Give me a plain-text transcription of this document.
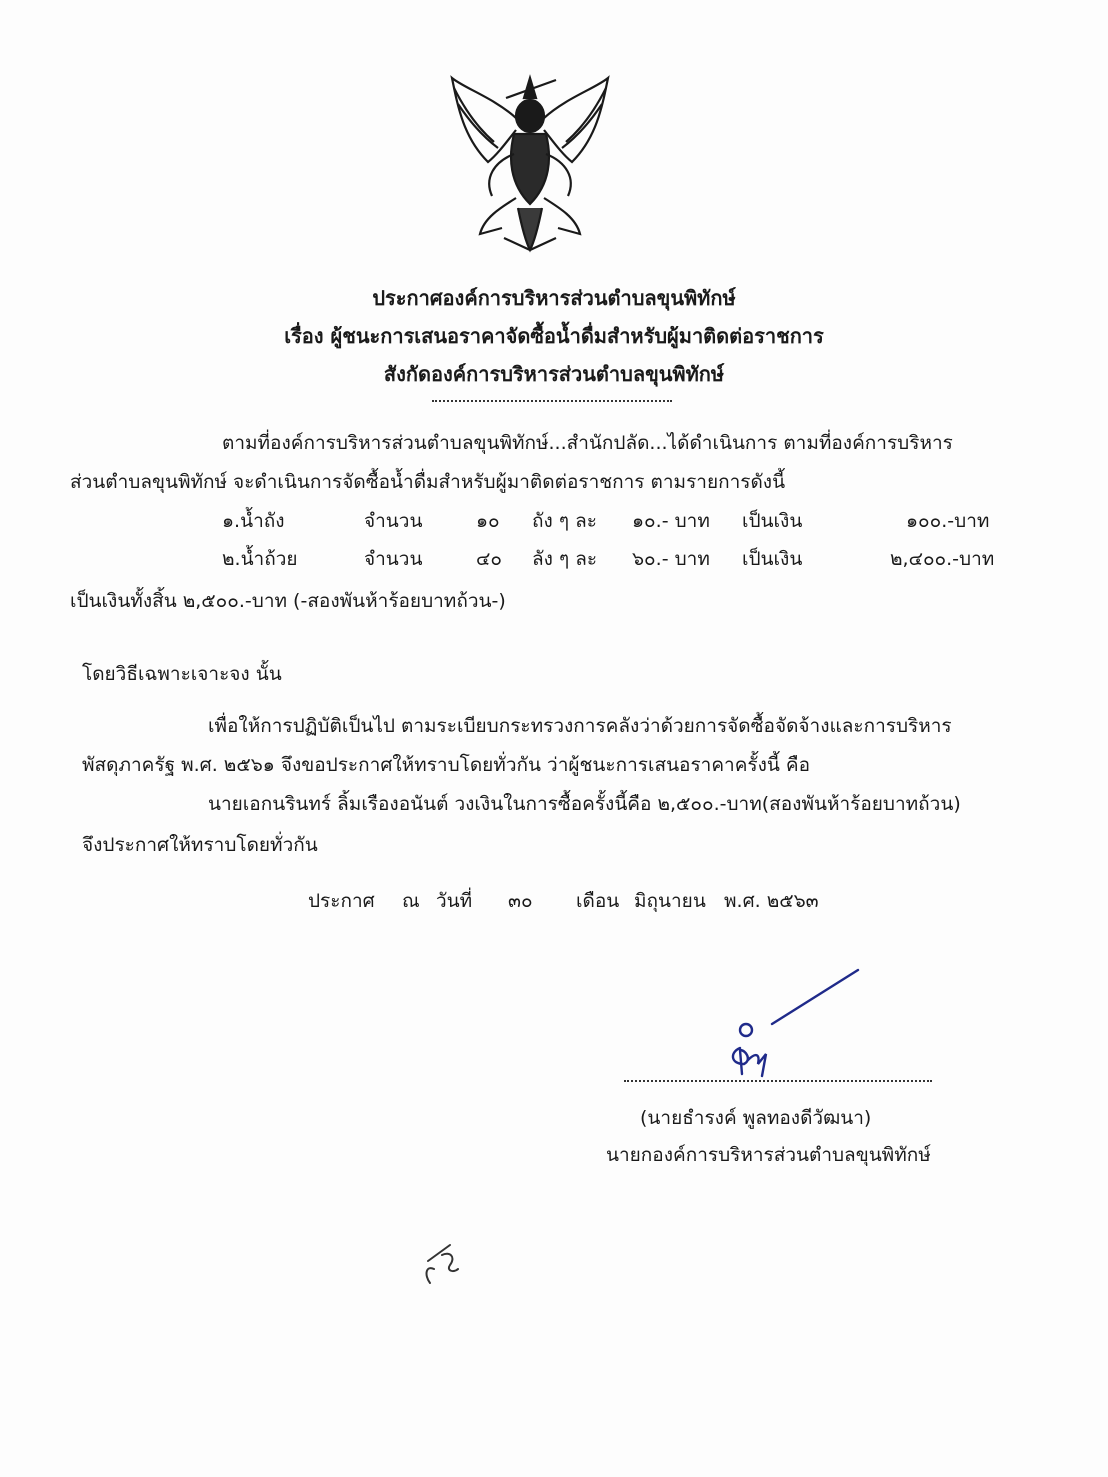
ประกาศองค์การบริหารส่วนตำบลขุนพิทักษ์
เรื่อง ผู้ชนะการเสนอราคาจัดซื้อน้ำดื่มสำหรับผู้มาติดต่อราชการ
สังกัดองค์การบริหารส่วนตำบลขุนพิทักษ์
ตามที่องค์การบริหารส่วนตำบลขุนพิทักษ์...สำนักปลัด...ได้ดำเนินการ ตามที่องค์การบริหาร
ส่วนตำบลขุนพิทักษ์ จะดำเนินการจัดซื้อน้ำดื่มสำหรับผู้มาติดต่อราชการ ตามรายการดังนี้
๑.น้ำถัง	จำนวน	๑๐ ถัง ๆ ละ ๑๐.- บาท เป็นเงิน	๑๐๐.-บาท
๒.น้ำถ้วย	จำนวน	๔๐ ลัง ๆ ละ ๖๐.- บาท เป็นเงิน	๒,๔๐๐.-บาท
เป็นเงินทั้งสิ้น ๒,๕๐๐.-บาท (-สองพันห้าร้อยบาทถ้วน-)
โดยวิธีเฉพาะเจาะจง นั้น
เพื่อให้การปฏิบัติเป็นไป ตามระเบียบกระทรวงการคลังว่าด้วยการจัดซื้อจัดจ้างและการบริหาร
พัสดุภาครัฐ พ.ศ. ๒๕๖๑ จึงขอประกาศให้ทราบโดยทั่วกัน ว่าผู้ชนะการเสนอราคาครั้งนี้ คือ
นายเอกนรินทร์ ลิ้มเรืองอนันต์ วงเงินในการซื้อครั้งนี้คือ ๒,๕๐๐.-บาท(สองพันห้าร้อยบาทถ้วน)
จึงประกาศให้ทราบโดยทั่วกัน
ประกาศ ณ วันที่ ๓๐ เดือน มิถุนายน พ.ศ. ๒๕๖๓
(นายธำรงค์ พูลทองดีวัฒนา)
นายกองค์การบริหารส่วนตำบลขุนพิทักษ์
